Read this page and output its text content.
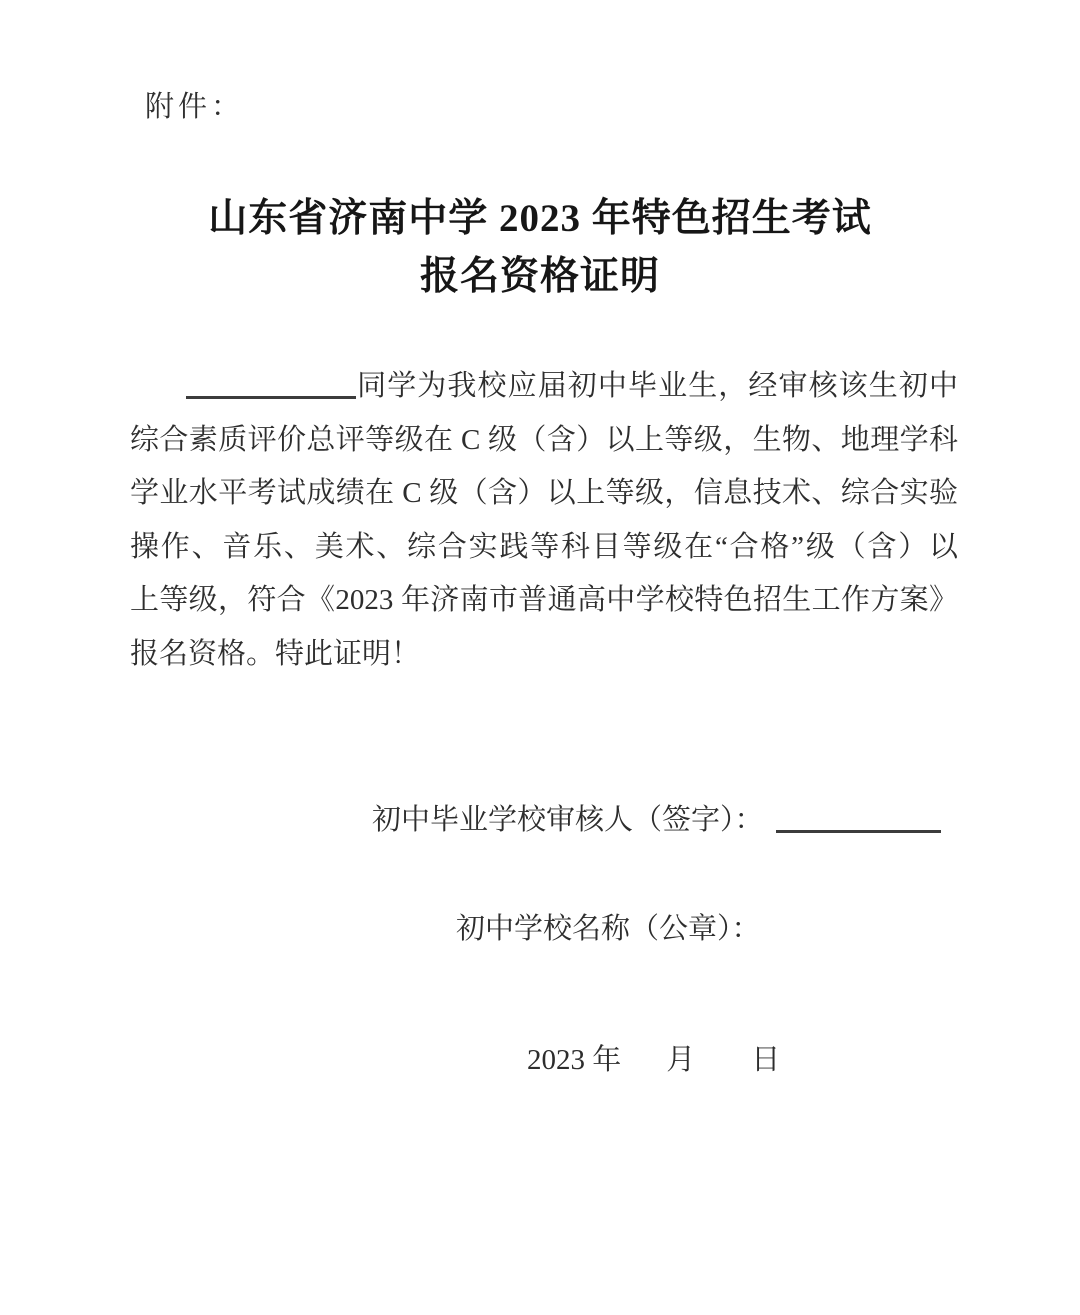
附件：
山东省济南中学 2023 年特色招生考试
报名资格证明
同学为我校应届初中毕业生，经审核该生初中
综合素质评价总评等级在 C 级（含）以上等级，生物、地理学科
学业水平考试成绩在 C 级（含）以上等级，信息技术、综合实验
操作、音乐、美术、综合实践等科目等级在“合格”级（含）以
上等级，符合《2023 年济南市普通高中学校特色招生工作方案》
报名资格。特此证明！
初中毕业学校审核人（签字）：
初中学校名称（公章）：
2023 年 月 日
